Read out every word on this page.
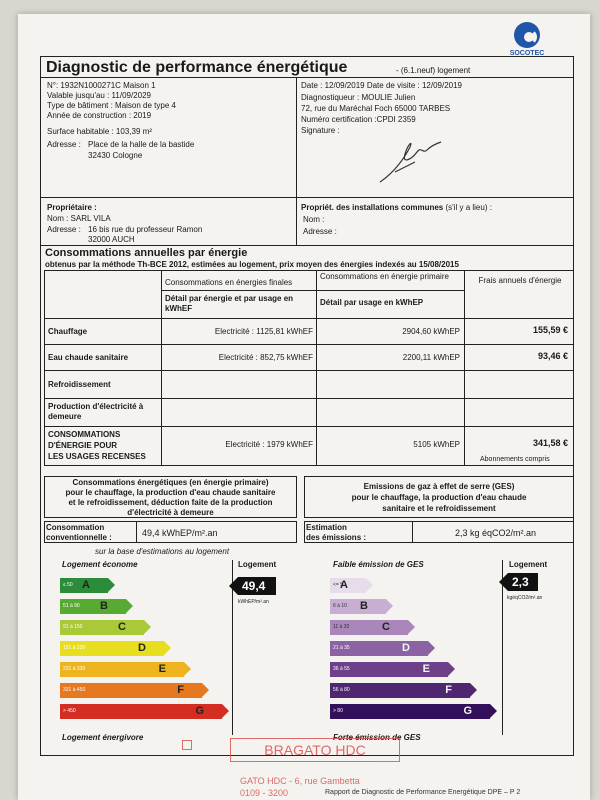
SOCOTEC
Diagnostic de performance énergétique	- (6.1.neuf) logement
N°: 1932N1000271C Maison 1
Valable jusqu'au : 11/09/2029
Type de bâtiment : Maison de type 4
Année de construction : 2019
Surface habitable : 103,39 m²
Adresse : Place de la halle de la bastide
32430 Cologne
Date : 12/09/2019 Date de visite : 12/09/2019
Diagnostiqueur : MOULIE Julien
72, rue du Maréchal Foch 65000 TARBES
Numéro certification :CPDI 2359
Signature :
Propriétaire :
Nom : SARL VILA
Adresse : 16 bis rue du professeur Ramon
32000 AUCH
Propriét. des installations communes (s'il y a lieu) :
Nom :
Adresse :
Consommations annuelles par énergie
obtenus par la méthode Th-BCE 2012, estimées au logement, prix moyen des énergies indexés au 15/08/2015
Consommations en énergies finales
Consommations en énergie primaire	Frais annuels d'énergie
Détail par énergie et par usage en kWhEF
Détail par usage en kWhEP
Chauffage	Electricité : 1125,81 kWhEF	2904,60 kWhEP	155,59 €
Eau chaude sanitaire	Electricité : 852,75 kWhEF	2200,11 kWhEP	93,46 €
Refroidissement
Production d'électricité à demeure
CONSOMMATIONS
D'ÉNERGIE POUR
LES USAGES RECENSES
Electricité : 1979 kWhEF	5105 kWhEP	341,58 €
Abonnements compris
Consommations énergétiques (en énergie primaire)
pour le chauffage, la production d'eau chaude sanitaire
et le refroidissement, déduction faite de la production
d'électricité à demeure
Emissions de gaz à effet de serre (GES)
pour le chauffage, la production d'eau chaude
sanitaire et le refroidissement
Consommation
conventionnelle :	49,4 kWhEP/m².an
Estimation
des émissions :	2,3 kg éqCO2/m².an
sur la base d'estimations au logement
Logement économe	Logement
≤ 50 A
51 à 90 B
91 à 150	C
151 à 230	D
231 à 330	E
331 à 450	F
> 450	G
49,4
kWhEP/m².an
Logement énergivore
Faible émission de GES	Logement
<= 5
A
6 à 10 B
11 à 20	C
21 à 35	D
36 à 55	E
56 à 80	F
> 80	G
2,3
kgéqCO2/m².an
Forte émission de GES
BRAGATO HDC
GATO HDC - 6, rue Gambetta
0109 - 3200	Rapport de Diagnostic de Performance Energétique DPE – P 2
